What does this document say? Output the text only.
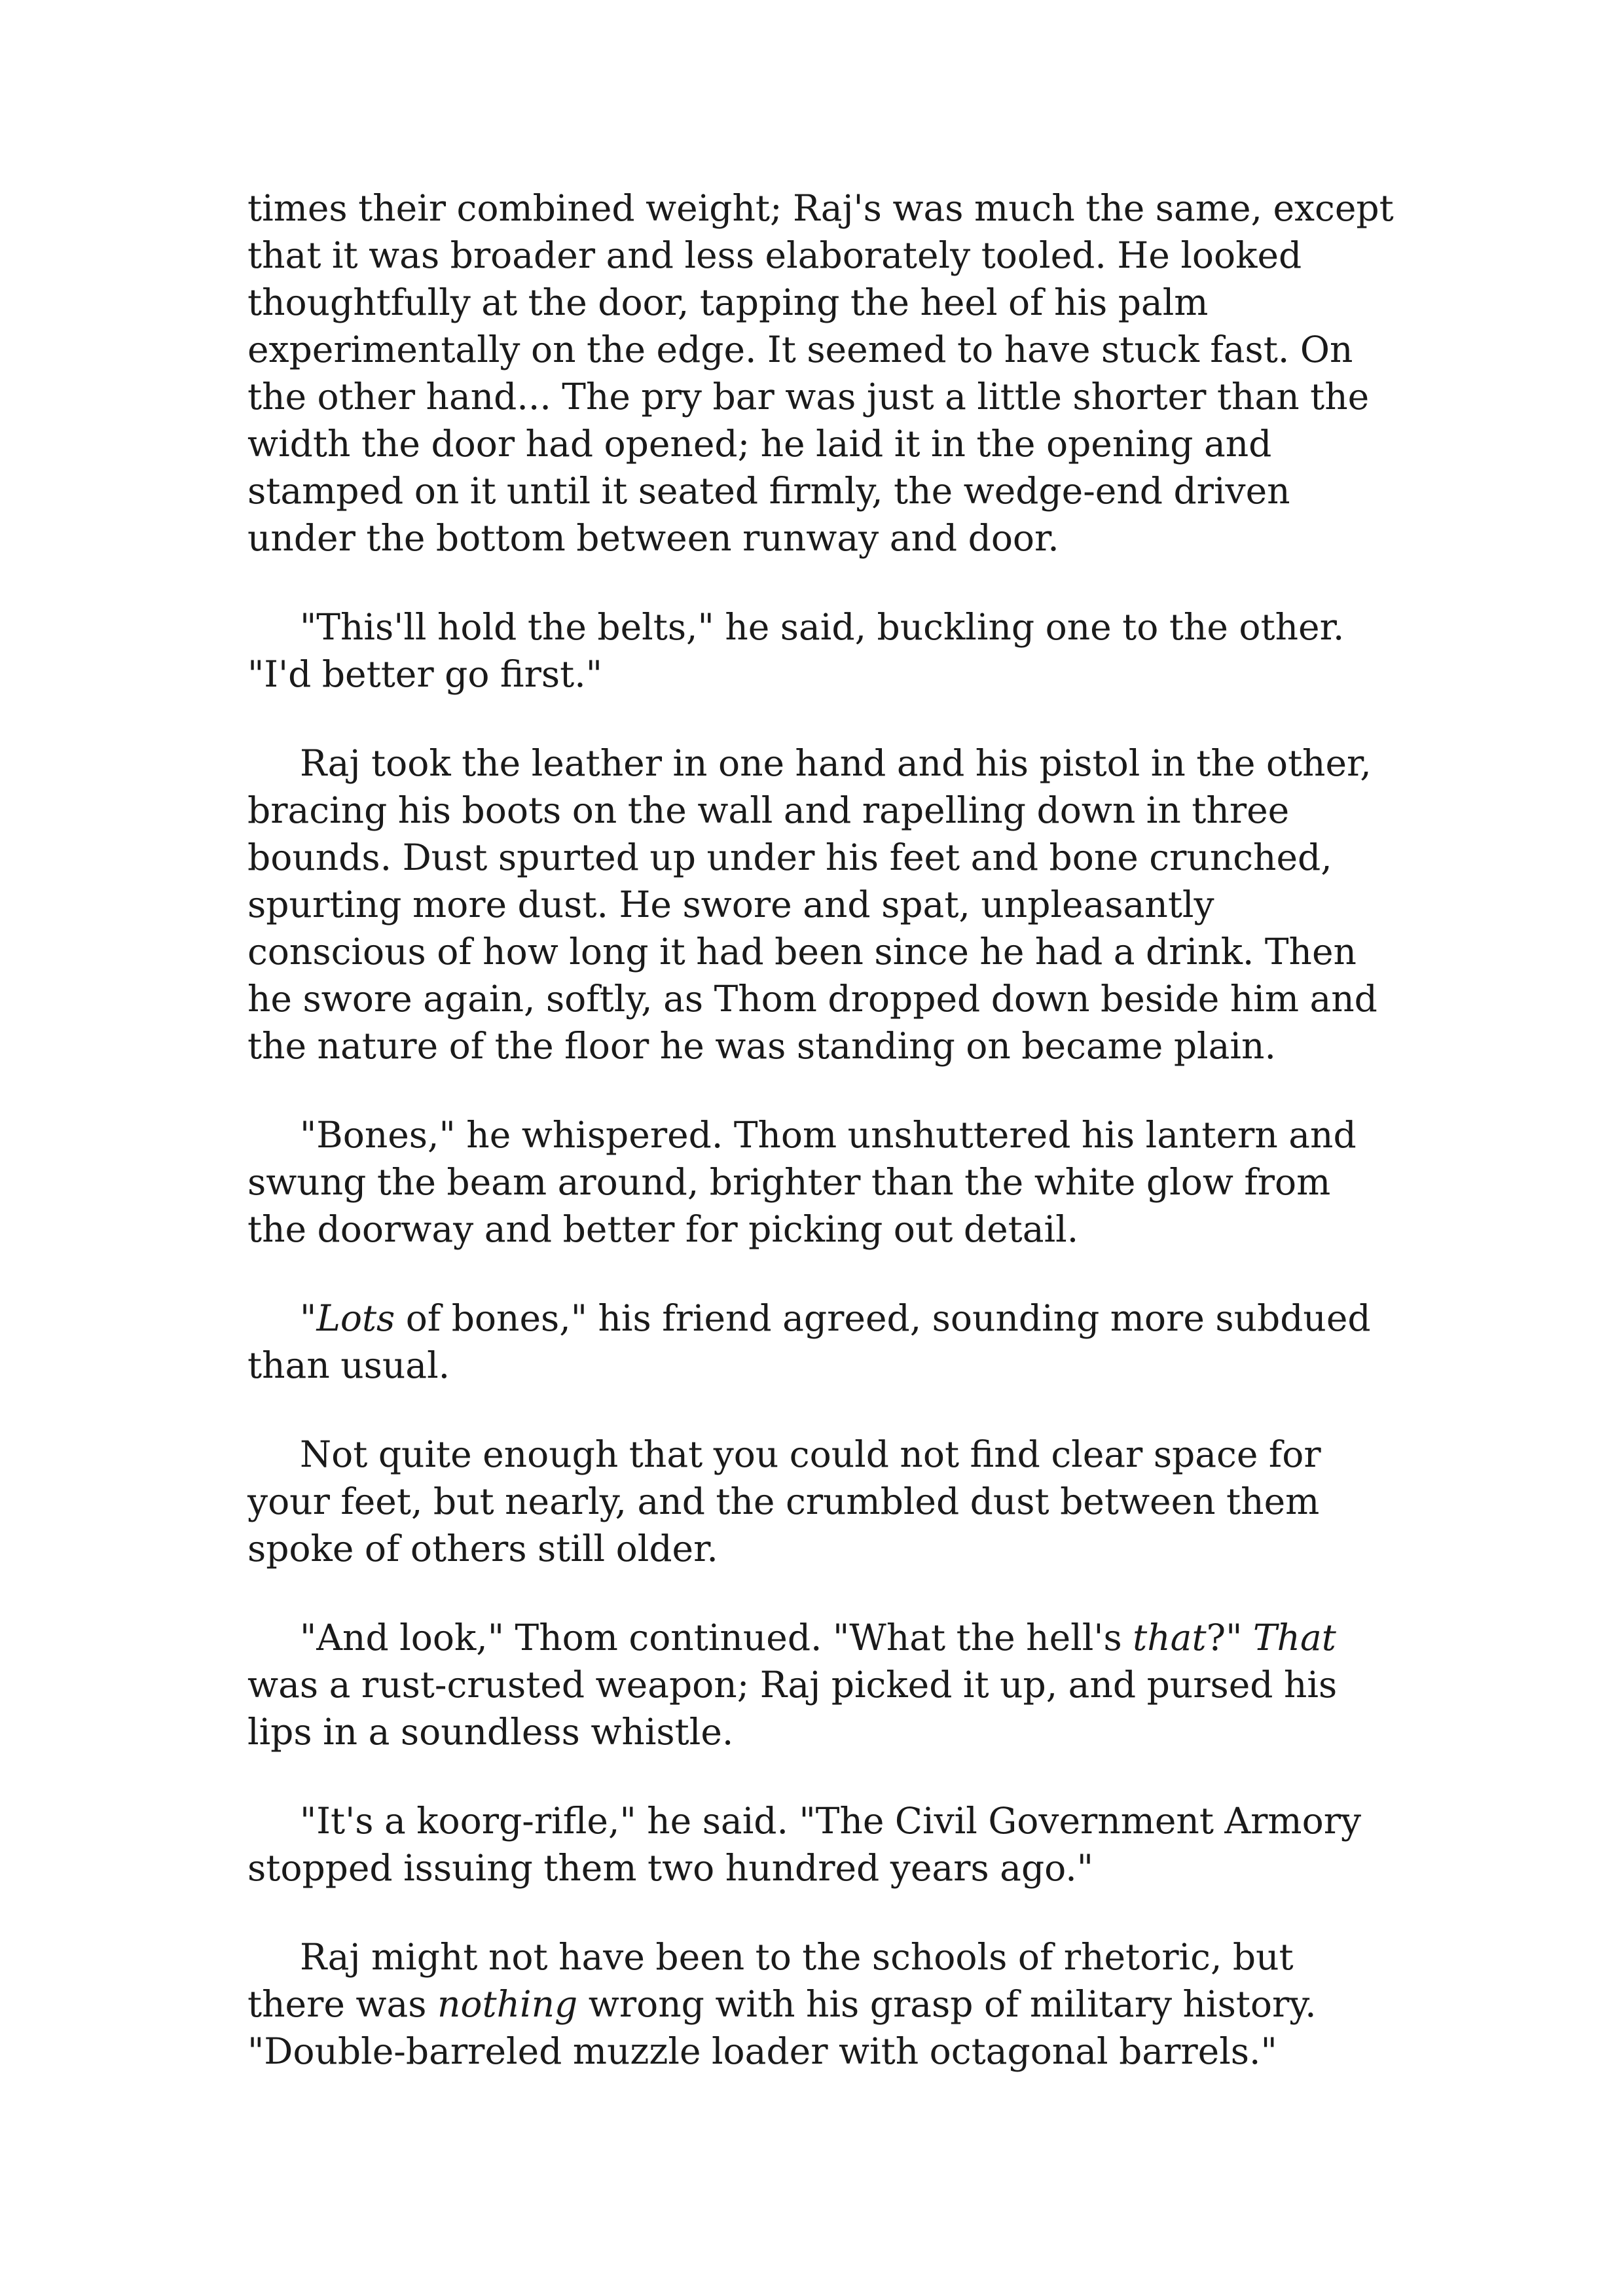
times their combined weight; Raj's was much the same, except that it was broader and less elaborately tooled. He looked thoughtfully at the door, tapping the heel of his palm experimentally on the edge. It seemed to have stuck fast. On the other hand... The pry bar was just a little shorter than the width the door had opened; he laid it in the opening and stamped on it until it seated firmly, the wedge-end driven under the bottom between runway and door.

"This'll hold the belts," he said, buckling one to the other. "I'd better go first."

Raj took the leather in one hand and his pistol in the other, bracing his boots on the wall and rapelling down in three bounds. Dust spurted up under his feet and bone crunched, spurting more dust. He swore and spat, unpleasantly conscious of how long it had been since he had a drink. Then he swore again, softly, as Thom dropped down beside him and the nature of the floor he was standing on became plain.

"Bones," he whispered. Thom unshuttered his lantern and swung the beam around, brighter than the white glow from the doorway and better for picking out detail.

"Lots of bones," his friend agreed, sounding more subdued than usual.

Not quite enough that you could not find clear space for your feet, but nearly, and the crumbled dust between them spoke of others still older.

"And look," Thom continued. "What the hell's that?" That was a rust-crusted weapon; Raj picked it up, and pursed his lips in a soundless whistle.

"It's a koorg-rifle," he said. "The Civil Government Armory stopped issuing them two hundred years ago."

Raj might not have been to the schools of rhetoric, but there was nothing wrong with his grasp of military history. "Double-barreled muzzle loader with octagonal barrels."
